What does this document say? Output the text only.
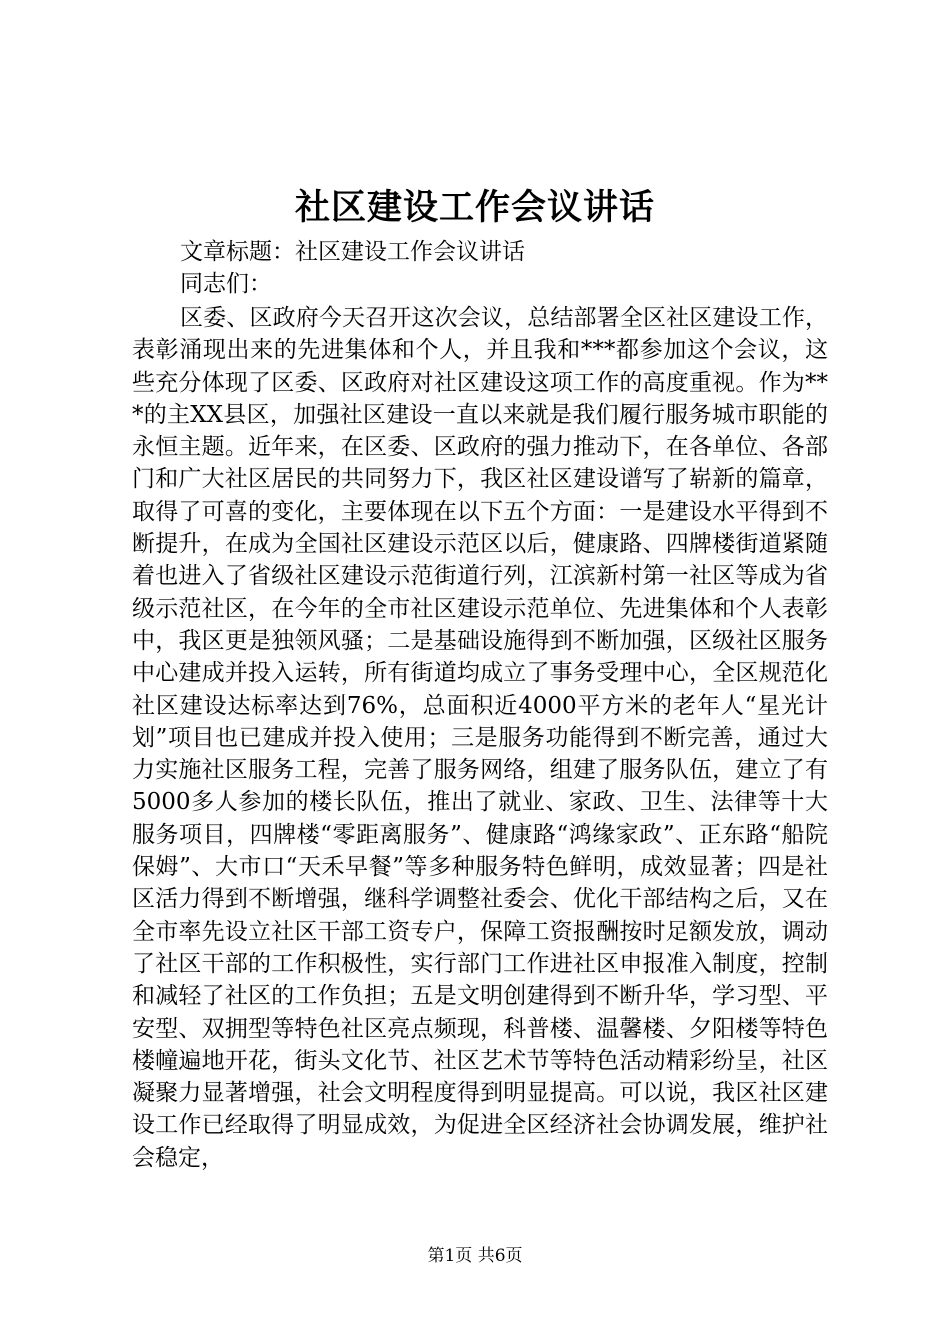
社区建设工作会议讲话
文章标题：社区建设工作会议讲话
同志们：

区委、区政府今天召开这次会议，总结部署全区社区建设工作，表彰涌现出来的先进集体和个人，并且我和***都参加这个会议，这些充分体现了区委、区政府对社区建设这项工作的高度重视。作为***的主XX县区，加强社区建设一直以来就是我们履行服务城市职能的永恒主题。近年来，在区委、区政府的强力推动下，在各单位、各部门和广大社区居民的共同努力下，我区社区建设谱写了崭新的篇章，取得了可喜的变化，主要体现在以下五个方面：一是建设水平得到不断提升，在成为全国社区建设示范区以后，健康路、四牌楼街道紧随着也进入了省级社区建设示范街道行列，江滨新村第一社区等成为省级示范社区，在今年的全市社区建设示范单位、先进集体和个人表彰中，我区更是独领风骚；二是基础设施得到不断加强，区级社区服务中心建成并投入运转，所有街道均成立了事务受理中心，全区规范化社区建设达标率达到76%，总面积近4000平方米的老年人“星光计划”项目也已建成并投入使用；三是服务功能得到不断完善，通过大力实施社区服务工程，完善了服务网络，组建了服务队伍，建立了有5000多人参加的楼长队伍，推出了就业、家政、卫生、法律等十大服务项目，四牌楼“零距离服务”、健康路“鸿缘家政”、正东路“船院保姆”、大市口“天禾早餐”等多种服务特色鲜明，成效显著；四是社区活力得到不断增强，继科学调整社委会、优化干部结构之后，又在全市率先设立社区干部工资专户，保障工资报酬按时足额发放，调动了社区干部的工作积极性，实行部门工作进社区申报准入制度，控制和减轻了社区的工作负担；五是文明创建得到不断升华，学习型、平安型、双拥型等特色社区亮点频现，科普楼、温馨楼、夕阳楼等特色楼幢遍地开花，街头文化节、社区艺术节等特色活动精彩纷呈，社区凝聚力显著增强，社会文明程度得到明显提高。可以说，我区社区建设工作已经取得了明显成效，为促进全区经济社会协调发展，维护社会稳定，

第1页 共6页
